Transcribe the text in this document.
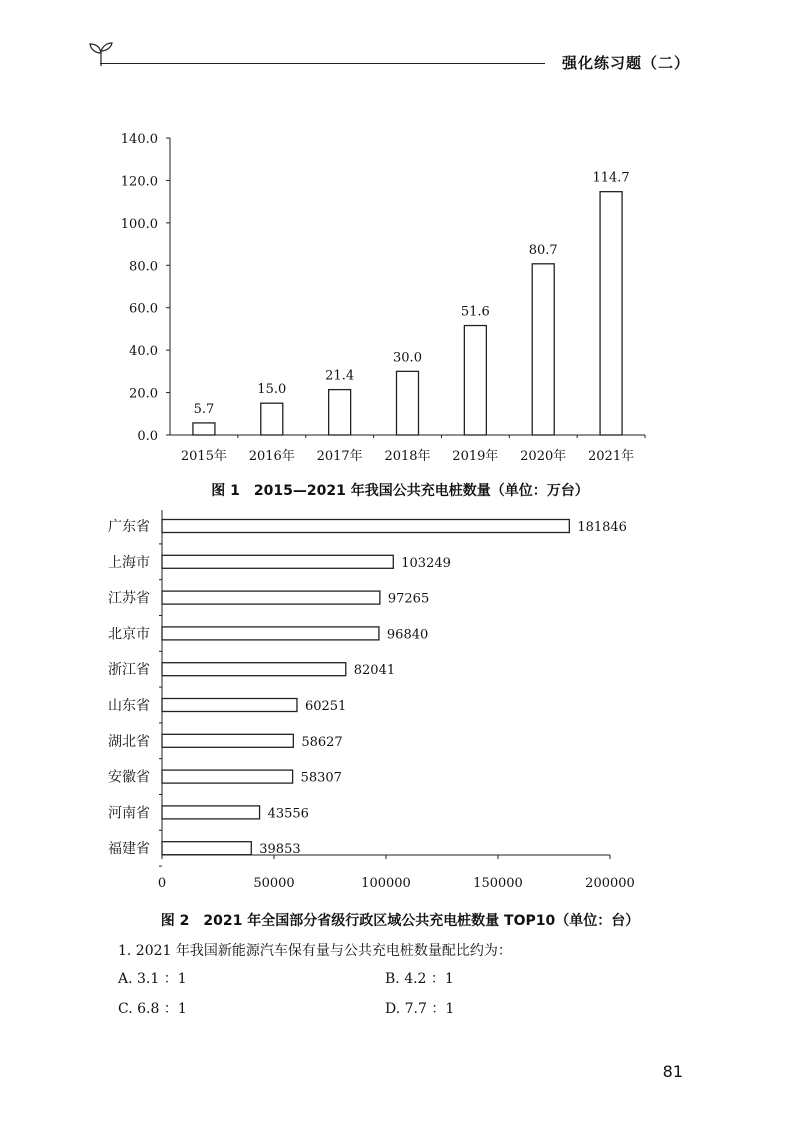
强化练习题（二）
0.0
20.0
40.0
60.0
80.0
100.0
120.0
140.0
5.7
2015年
15.0
2016年
21.4
2017年
30.0
2018年
51.6
2019年
80.7
2020年
114.7
2021年
图 1　2015—2021 年我国公共充电桩数量（单位：万台）
0	50000	100000	150000	200000
181846
广东省
103249
上海市
97265
江苏省
96840
北京市
82041
浙江省
60251
山东省
58627
湖北省
58307
安徽省
43556
河南省
39853
福建省
图 2　2021 年全国部分省级行政区域公共充电桩数量 TOP10（单位：台）
1. 2021 年我国新能源汽车保有量与公共充电桩数量配比约为：
A. 3.1 ：1	B. 4.2 ：1
C. 6.8 ：1	D. 7.7 ：1
81
